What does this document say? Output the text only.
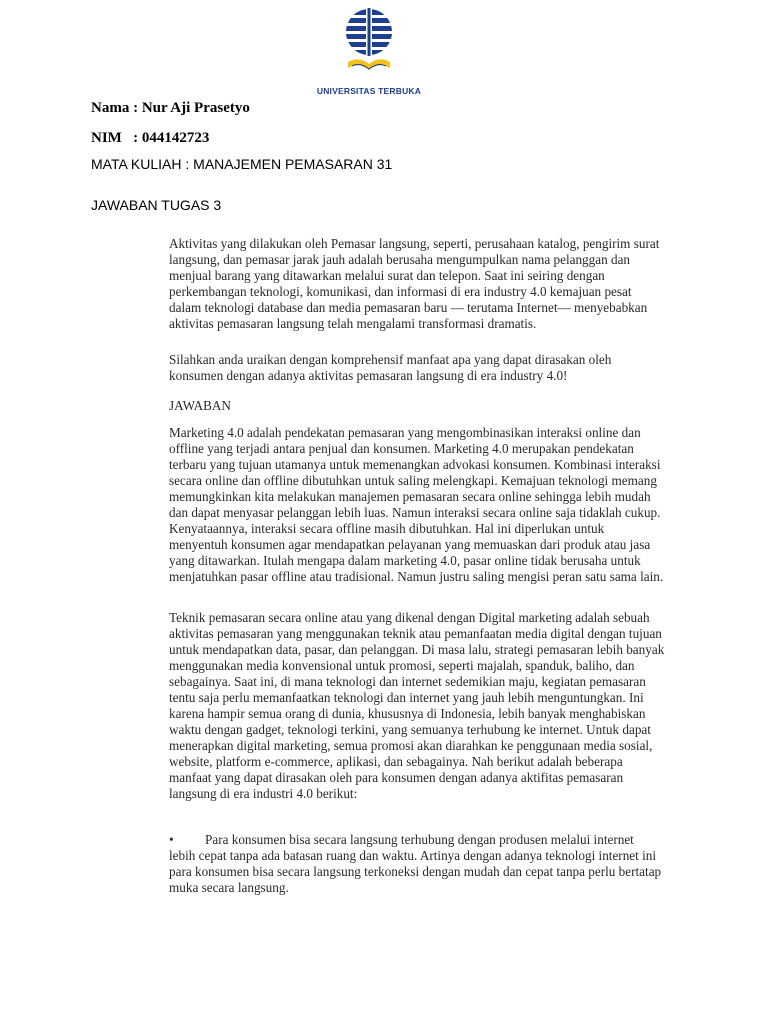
UNIVERSITAS TERBUKA
Nama : Nur Aji Prasetyo
NIM   : 044142723
MATA KULIAH : MANAJEMEN PEMASARAN 31
JAWABAN TUGAS 3
Aktivitas yang dilakukan oleh Pemasar langsung, seperti, perusahaan katalog, pengirim surat
langsung, dan pemasar jarak jauh adalah berusaha mengumpulkan nama pelanggan dan
menjual barang yang ditawarkan melalui surat dan telepon. Saat ini seiring dengan
perkembangan teknologi, komunikasi, dan informasi di era industry 4.0 kemajuan pesat
dalam teknologi database dan media pemasaran baru — terutama Internet— menyebabkan
aktivitas pemasaran langsung telah mengalami transformasi dramatis.
Silahkan anda uraikan dengan komprehensif manfaat apa yang dapat dirasakan oleh
konsumen dengan adanya aktivitas pemasaran langsung di era industry 4.0!
JAWABAN
Marketing 4.0 adalah pendekatan pemasaran yang mengombinasikan interaksi online dan
offline yang terjadi antara penjual dan konsumen. Marketing 4.0 merupakan pendekatan
terbaru yang tujuan utamanya untuk memenangkan advokasi konsumen. Kombinasi interaksi
secara online dan offline dibutuhkan untuk saling melengkapi. Kemajuan teknologi memang
memungkinkan kita melakukan manajemen pemasaran secara online sehingga lebih mudah
dan dapat menyasar pelanggan lebih luas. Namun interaksi secara online saja tidaklah cukup.
Kenyataannya, interaksi secara offline masih dibutuhkan. Hal ini diperlukan untuk
menyentuh konsumen agar mendapatkan pelayanan yang memuaskan dari produk atau jasa
yang ditawarkan. Itulah mengapa dalam marketing 4.0, pasar online tidak berusaha untuk
menjatuhkan pasar offline atau tradisional. Namun justru saling mengisi peran satu sama lain.
Teknik pemasaran secara online atau yang dikenal dengan Digital marketing adalah sebuah
aktivitas pemasaran yang menggunakan teknik atau pemanfaatan media digital dengan tujuan
untuk mendapatkan data, pasar, dan pelanggan. Di masa lalu, strategi pemasaran lebih banyak
menggunakan media konvensional untuk promosi, seperti majalah, spanduk, baliho, dan
sebagainya. Saat ini, di mana teknologi dan internet sedemikian maju, kegiatan pemasaran
tentu saja perlu memanfaatkan teknologi dan internet yang jauh lebih menguntungkan. Ini
karena hampir semua orang di dunia, khususnya di Indonesia, lebih banyak menghabiskan
waktu dengan gadget, teknologi terkini, yang semuanya terhubung ke internet. Untuk dapat
menerapkan digital marketing, semua promosi akan diarahkan ke penggunaan media sosial,
website, platform e-commerce, aplikasi, dan sebagainya. Nah berikut adalah beberapa
manfaat yang dapat dirasakan oleh para konsumen dengan adanya aktifitas pemasaran
langsung di era industri 4.0 berikut:
• Para konsumen bisa secara langsung terhubung dengan produsen melalui internet
lebih cepat tanpa ada batasan ruang dan waktu. Artinya dengan adanya teknologi internet ini
para konsumen bisa secara langsung terkoneksi dengan mudah dan cepat tanpa perlu bertatap
muka secara langsung.
